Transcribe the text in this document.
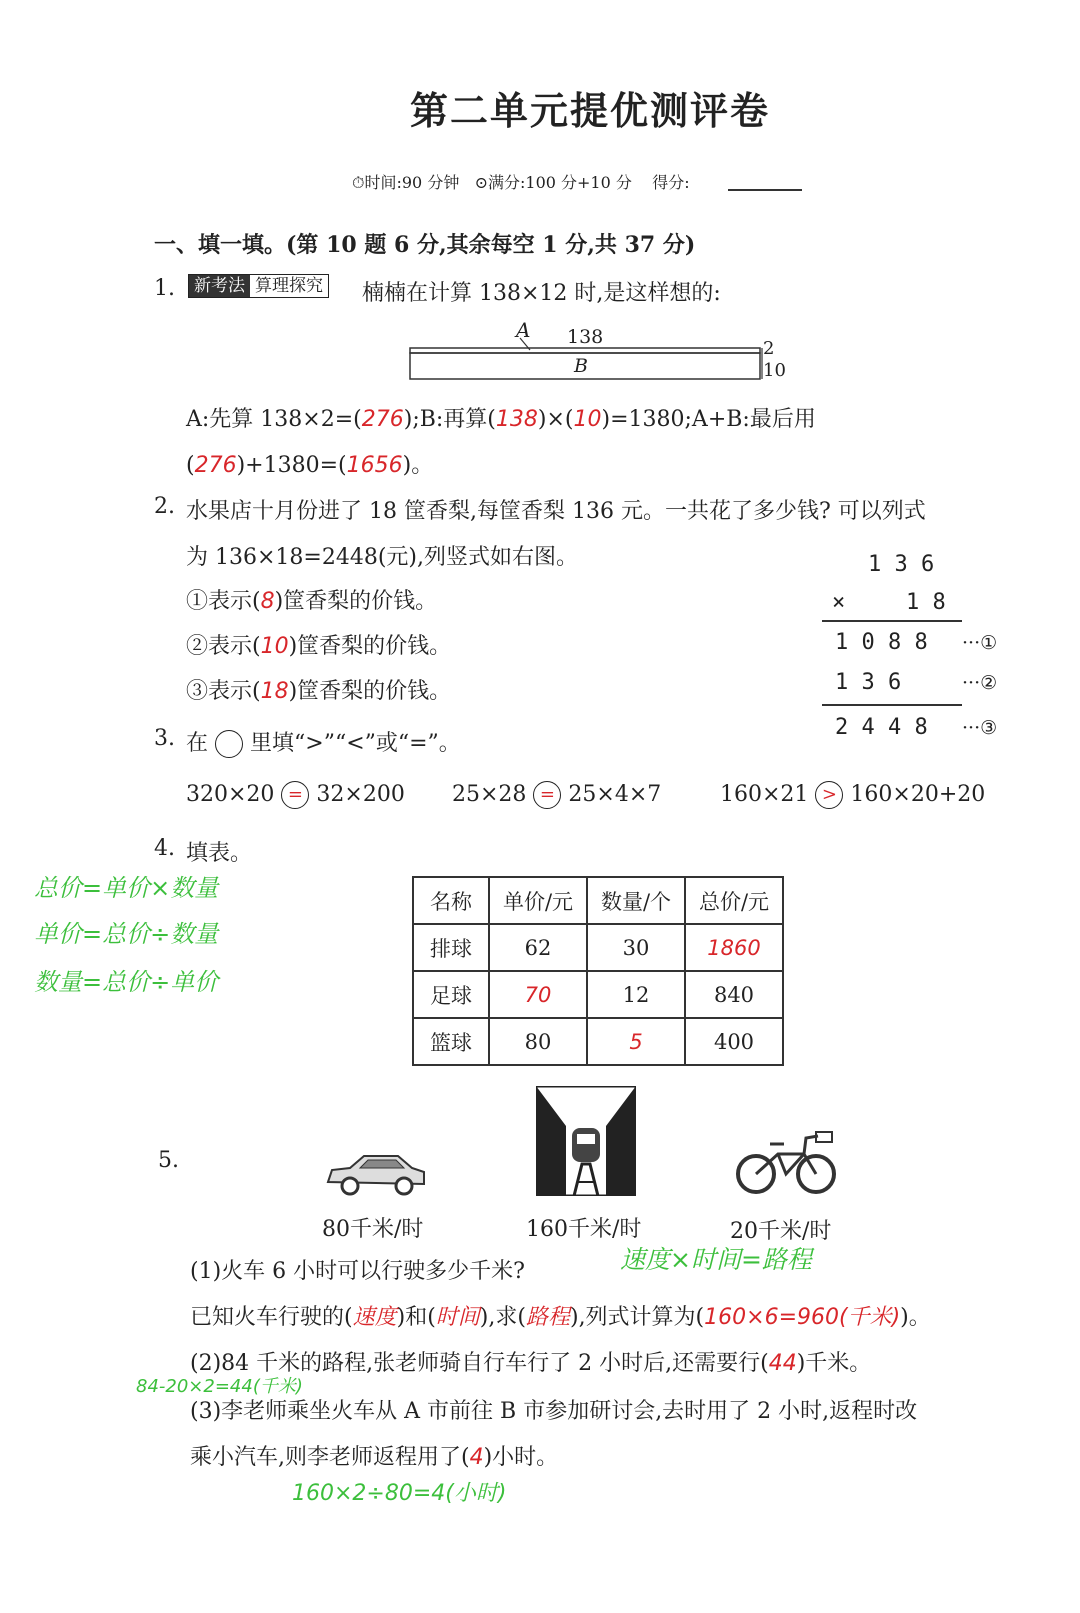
第二单元提优测评卷
⏱时间:90 分钟 ⊙满分:100 分+10 分 得分:
一、填一填。(第 10 题 6 分,其余每空 1 分,共 37 分)
1.	新考法 算理探究 楠楠在计算 138×12 时,是这样想的:
A 138
B
2
10
A:先算 138×2=(276);B:再算(138)×(10)=1380;A+B:最后用
(276)+1380=(1656)。
2. 水果店十月份进了 18 筐香梨,每筐香梨 136 元。一共花了多少钱? 可以列式
为 136×18=2448(元),列竖式如右图。
①表示(8)筐香梨的价钱。
②表示(10)筐香梨的价钱。
③表示(18)筐香梨的价钱。
1 3 6
×	1 8
1 0 8 8 ···①
1 3 6	···②
2 4 4 8 ···③
3. 在 里填“>”“<”或“=”。
320×20 = 32×200 25×28 = 25×4×7	160×21 > 160×20+20
4. 填表。
总价=单价×数量
单价=总价÷数量
数量=总价÷单价
名称	单价/元	数量/个	总价/元
排球	62	30	1860
足球	70	12	840
篮球	80	5	400
5.
80千米/时	160千米/时	20千米/时
(1)火车 6 小时可以行驶多少千米?	速度×时间=路程
已知火车行驶的(速度)和(时间),求(路程),列式计算为(160×6=960(千米))。
(2)84 千米的路程,张老师骑自行车行了 2 小时后,还需要行(44)千米。
84-20×2=44(千米)
(3)李老师乘坐火车从 A 市前往 B 市参加研讨会,去时用了 2 小时,返程时改
乘小汽车,则李老师返程用了(4)小时。
160×2÷80=4(小时)
